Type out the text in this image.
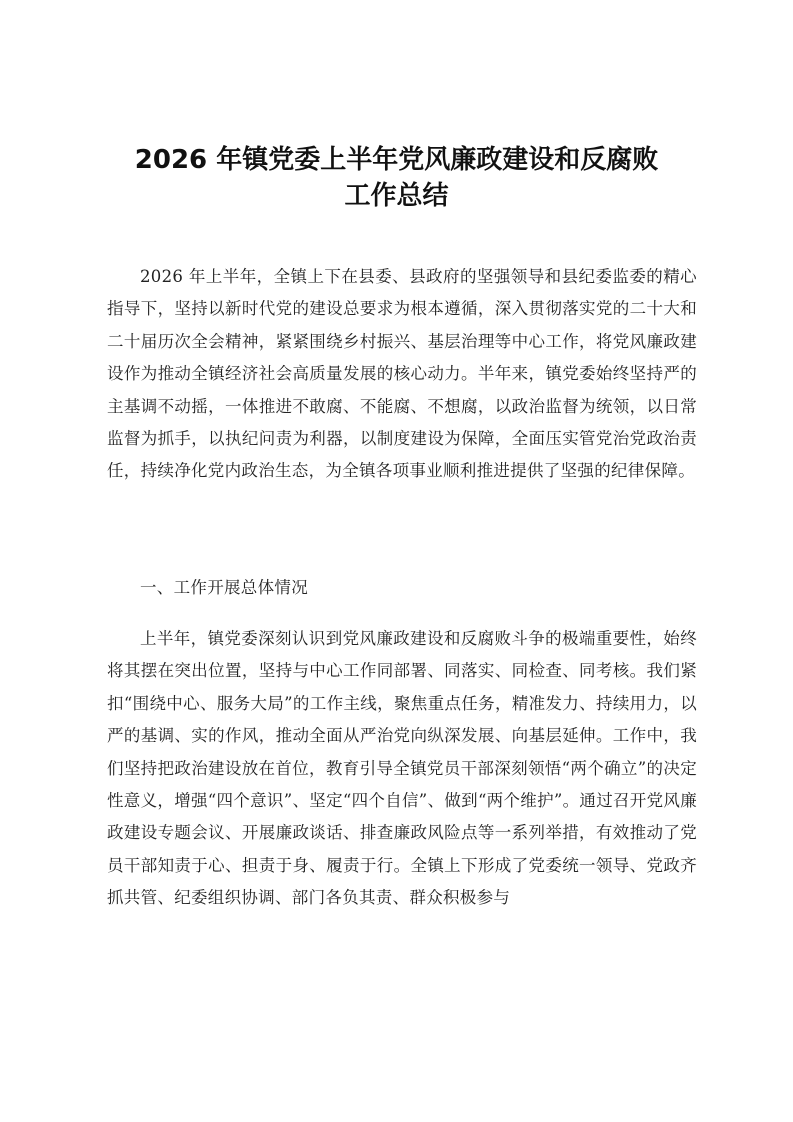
2026 年镇党委上半年党风廉政建设和反腐败
工作总结

2026 年上半年，全镇上下在县委、县政府的坚强领导和县纪委监委的精心指导下，坚持以新时代党的建设总要求为根本遵循，深入贯彻落实党的二十大和二十届历次全会精神，紧紧围绕乡村振兴、基层治理等中心工作，将党风廉政建设作为推动全镇经济社会高质量发展的核心动力。半年来，镇党委始终坚持严的主基调不动摇，一体推进不敢腐、不能腐、不想腐，以政治监督为统领，以日常监督为抓手，以执纪问责为利器，以制度建设为保障，全面压实管党治党政治责任，持续净化党内政治生态，为全镇各项事业顺利推进提供了坚强的纪律保障。

一、工作开展总体情况

上半年，镇党委深刻认识到党风廉政建设和反腐败斗争的极端重要性，始终将其摆在突出位置，坚持与中心工作同部署、同落实、同检查、同考核。我们紧扣“围绕中心、服务大局”的工作主线，聚焦重点任务，精准发力、持续用力，以严的基调、实的作风，推动全面从严治党向纵深发展、向基层延伸。工作中，我们坚持把政治建设放在首位，教育引导全镇党员干部深刻领悟“两个确立”的决定性意义，增强“四个意识”、坚定“四个自信”、做到“两个维护”。通过召开党风廉政建设专题会议、开展廉政谈话、排查廉政风险点等一系列举措，有效推动了党员干部知责于心、担责于身、履责于行。全镇上下形成了党委统一领导、党政齐抓共管、纪委组织协调、部门各负其责、群众积极参与
